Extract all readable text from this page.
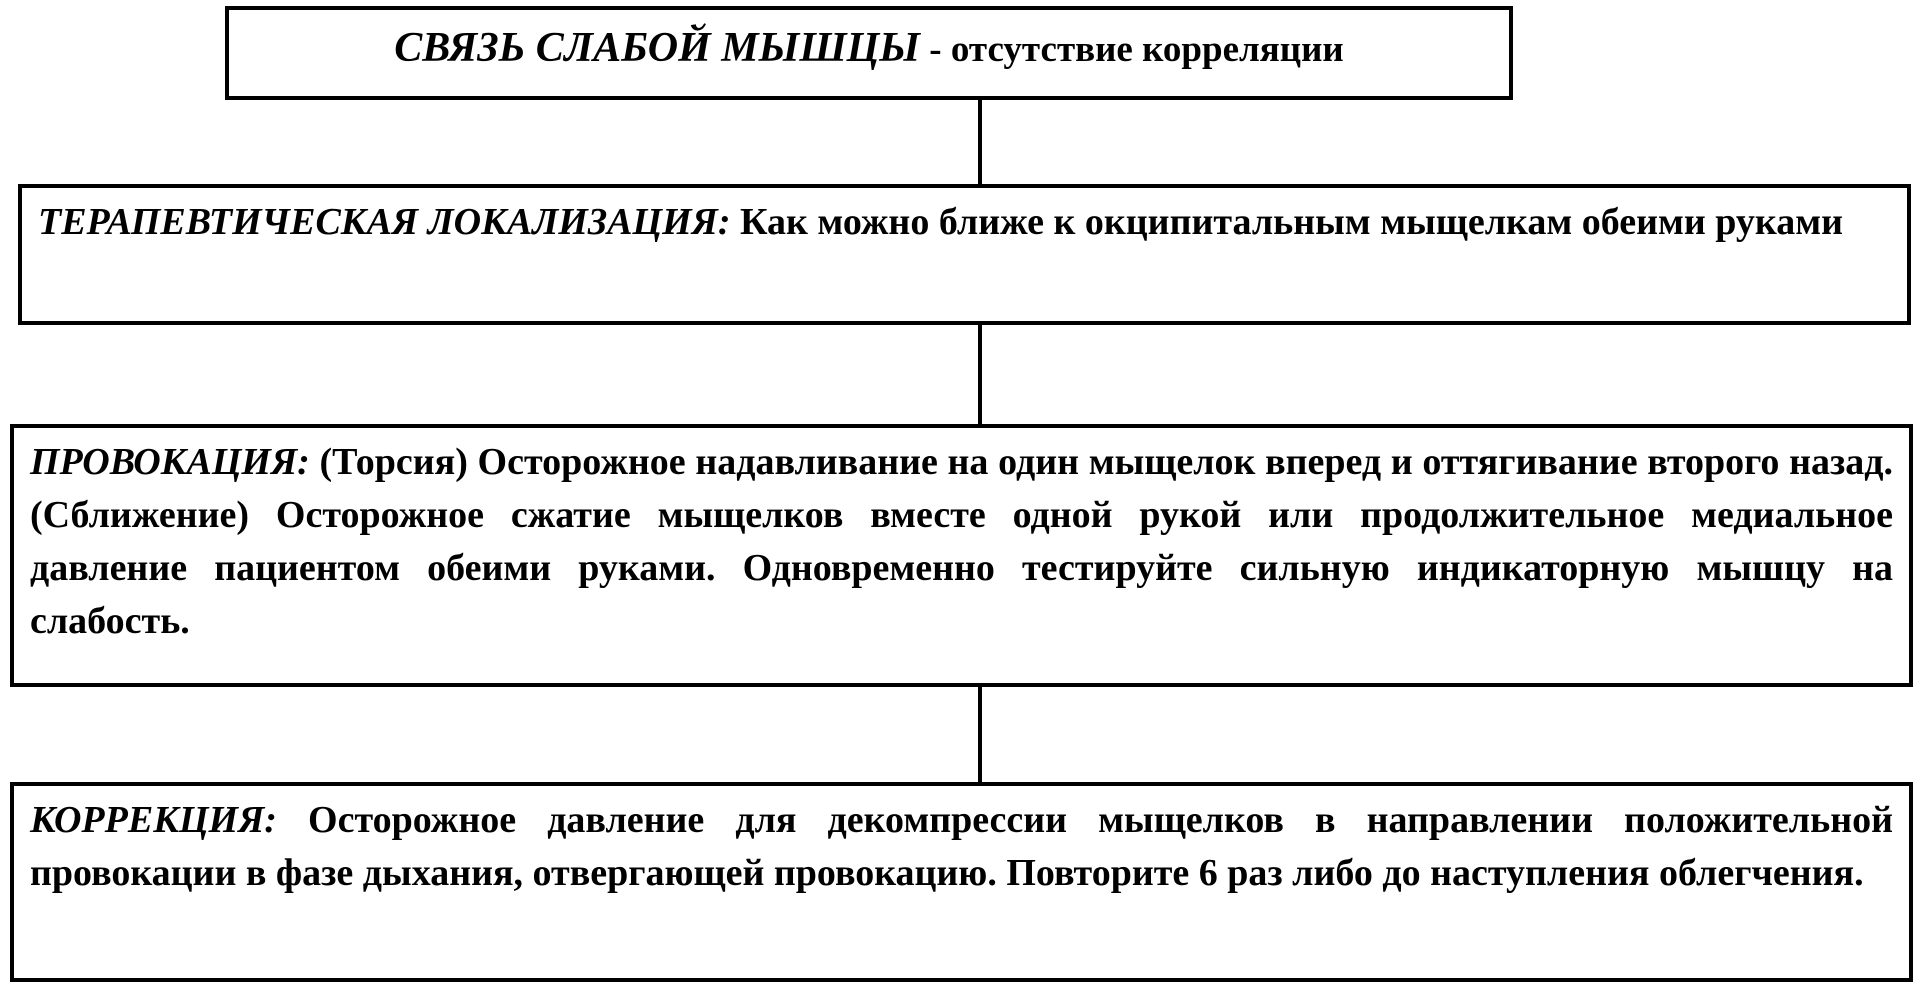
СВЯЗЬ СЛАБОЙ МЫШЦЫ - отсутствие корреляции
ТЕРАПЕВТИЧЕСКАЯ ЛОКАЛИЗАЦИЯ: Как можно ближе к окципитальным мыщелкам обеими руками
ПРОВОКАЦИЯ: (Торсия) Осторожное надавливание на один мыщелок вперед и оттягивание второго назад. (Сближение) Осторожное сжатие мыщелков вместе одной рукой или продолжительное медиальное давление пациентом обеими руками. Одновременно тестируйте сильную индикаторную мышцу на слабость.
КОРРЕКЦИЯ: Осторожное давление для декомпрессии мыщелков в направлении положительной провокации в фазе дыхания, отвергающей провокацию. Повторите 6 раз либо до наступления облегчения.
